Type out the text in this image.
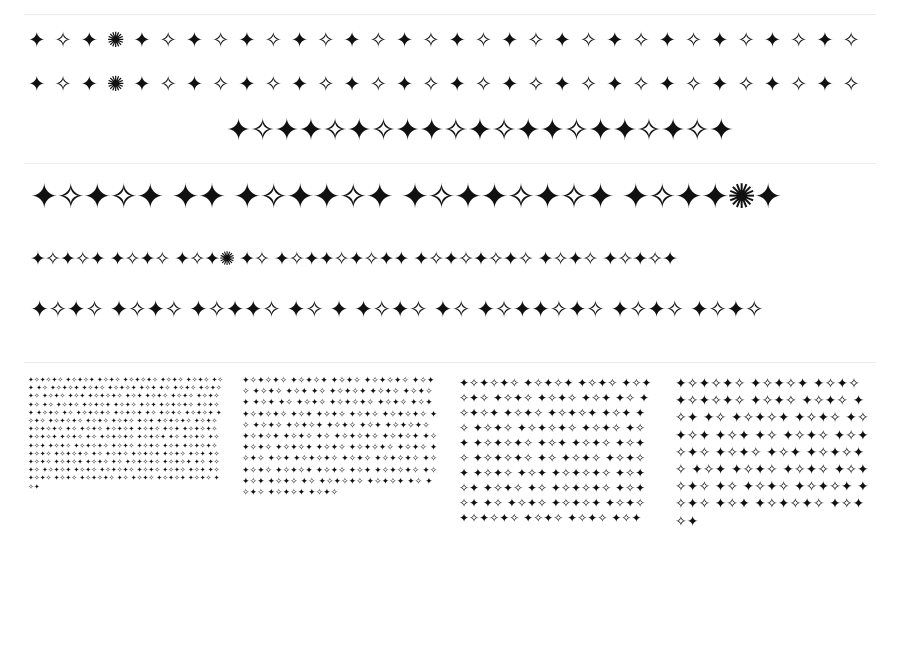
✦ ✧ ✦ ✺ ✦ ✧ ✦ ✧ ✦ ✧ ✦ ✧ ✦ ✧ ✦ ✧ ✦ ✧ ✦ ✧ ✦ ✧ ✦ ✧ ✦ ✧ ✦ ✧ ✦ ✧ ✦ ✧
✦ ✧ ✦ ✺ ✦ ✧ ✦ ✧ ✦ ✧ ✦ ✧ ✦ ✧ ✦ ✧ ✦ ✧ ✦ ✧ ✦ ✧ ✦ ✧ ✦ ✧ ✦ ✧ ✦ ✧ ✦ ✧
✦✧✦✦✧✦✧✦✦✧✦✧✦✦✧✦✦✧✦✧✦
✦✧✦✧✦ ✦✦ ✦✧✦✦✧✦ ✦✧✦✦✧✦✧✦ ✦✧✦✦✺✦
✦✧✦✧✦ ✦✧✦✧ ✦✧✦✺ ✦✧ ✦✧✦✦✧✦✧✦✦ ✦✧✦✧✦✧✦✧ ✦✧✦✧ ✦✧✦✧✦
✦✧✦✧ ✦✧✦✧ ✦✧✦✦✧ ✦✧ ✦ ✦✧✦✧ ✦✧ ✦✧✦✦✧✦✧ ✦✧✦✧ ✦✧✦✧
✦✧✦✧✦✧ ✦✧✦✧✦ ✦✧✦✧ ✦✧✦✧✦✧ ✦✧✦✧ ✦✧✦✧ ✦✧✦ ✦✧ ✦✧✦✧✦ ✦✧✦✧ ✦✧✦✧✦ ✦✧✦ ✦✧ ✦✧✦✧ ✦✧✦✧✦✧ ✦✧✦✧ ✦✧✦ ✦✧✦✧✦✧ ✦✧✦ ✦✧✦✧ ✦✧✦✧ ✦✧✦✧✦✧ ✦✧ ✦✧✦✧ ✦✧✦✧✦ ✦✧✦✧ ✦✧✦ ✦✧✦✧✦✧ ✦✧✦✧✦ ✦✧✦✧ ✦✧ ✦✧✦✧✦✧ ✦✧✦✧✦ ✦✧ ✦✧✦✧ ✦✧✦✧✦ ✦✧✦✧ ✦✧✦✧✦✧ ✦✧✦✧ ✦✧✦✧ ✦✧✦ ✦✧✦✧✦✧ ✦✧✦✧ ✦✧✦✧✦✧ ✦✧ ✦✧✦✧ ✦✧✦✧✦ ✦✧✦✧ ✦✧✦ ✦✧✦✧✦✧ ✦✧✦✧✦ ✦✧✦✧ ✦✧ ✦✧✦✧✦✧ ✦✧✦✧✦ ✦✧ ✦✧✦✧ ✦✧✦✧✦ ✦✧✦✧ ✦✧✦✧✦✧ ✦✧✦✧ ✦✧✦✧ ✦✧✦ ✦✧✦✧✦✧ ✦✧✦✧ ✦✧✦✧✦✧ ✦✧ ✦✧✦✧ ✦✧✦✧✦ ✦✧✦✧ ✦✧✦ ✦✧✦✧✦✧ ✦✧✦✧✦ ✦✧✦✧ ✦✧ ✦✧✦✧✦✧ ✦✧✦✧✦ ✦✧ ✦✧✦✧ ✦✧✦✧✦ ✦✧✦✧ ✦✧✦✧✦✧ ✦✧✦✧ ✦✧✦✧ ✦✧✦ ✦✧✦✧✦✧ ✦✧✦✧ ✦✧✦✧✦✧ ✦✧ ✦✧✦✧ ✦✧✦✧✦ ✦✧✦✧ ✦✧✦
✦✧✦✧✦✧ ✦✧✦✧✦ ✦✧✦✧ ✦✧✦✧✦✧ ✦✧✦✧ ✦✧✦✧ ✦✧✦ ✦✧ ✦✧✦✧✦ ✦✧✦✧ ✦✧✦✧✦ ✦✧✦ ✦✧ ✦✧✦✧ ✦✧✦✧✦✧ ✦✧✦✧ ✦✧✦ ✦✧✦✧✦✧ ✦✧✦ ✦✧✦✧ ✦✧✦✧ ✦✧✦✧✦✧ ✦✧ ✦✧✦✧ ✦✧✦✧✦ ✦✧✦✧ ✦✧✦ ✦✧✦✧✦✧ ✦✧✦✧✦ ✦✧✦✧ ✦✧ ✦✧✦✧✦✧ ✦✧✦✧✦ ✦✧ ✦✧✦✧ ✦✧✦✧✦ ✦✧✦✧ ✦✧✦✧✦✧ ✦✧✦✧ ✦✧✦✧ ✦✧✦ ✦✧✦✧✦✧ ✦✧✦✧ ✦✧✦✧✦✧ ✦✧ ✦✧✦✧ ✦✧✦✧✦ ✦✧✦✧ ✦✧✦ ✦✧✦✧✦✧ ✦✧✦✧✦ ✦✧✦✧ ✦✧ ✦✧✦✧✦✧ ✦✧✦✧✦ ✦✧ ✦✧✦✧ ✦✧✦✧✦ ✦✧✦✧
✦✧✦✧✦✧ ✦✧✦✧✦ ✦✧✦✧ ✦✧✦✧✦✧ ✦✧✦✧ ✦✧✦✧ ✦✧✦ ✦✧ ✦✧✦✧✦ ✦✧✦✧ ✦✧✦✧✦ ✦✧✦ ✦✧ ✦✧✦✧ ✦✧✦✧✦✧ ✦✧✦✧ ✦✧✦ ✦✧✦✧✦✧ ✦✧✦ ✦✧✦✧ ✦✧✦✧ ✦✧✦✧✦✧ ✦✧ ✦✧✦✧ ✦✧✦✧✦ ✦✧✦✧ ✦✧✦ ✦✧✦✧✦✧ ✦✧✦✧✦ ✦✧✦✧ ✦✧ ✦✧✦✧✦✧ ✦✧✦✧✦ ✦✧ ✦✧✦✧ ✦✧✦✧✦ ✦✧✦✧ ✦✧✦✧✦✧ ✦✧✦✧ ✦✧✦✧ ✦✧✦
✦✧✦✧✦✧ ✦✧✦✧✦ ✦✧✦✧ ✦✧✦✧✦✧ ✦✧✦✧ ✦✧✦✧ ✦✧✦ ✦✧ ✦✧✦✧✦ ✦✧✦✧ ✦✧✦✧✦ ✦✧✦ ✦✧ ✦✧✦✧ ✦✧✦✧✦✧ ✦✧✦✧ ✦✧✦ ✦✧✦✧✦✧ ✦✧✦ ✦✧✦✧ ✦✧✦✧ ✦✧✦✧✦✧ ✦✧ ✦✧✦✧ ✦✧✦✧✦ ✦✧✦✧ ✦✧✦ ✦✧✦✧✦✧ ✦✧✦✧✦
